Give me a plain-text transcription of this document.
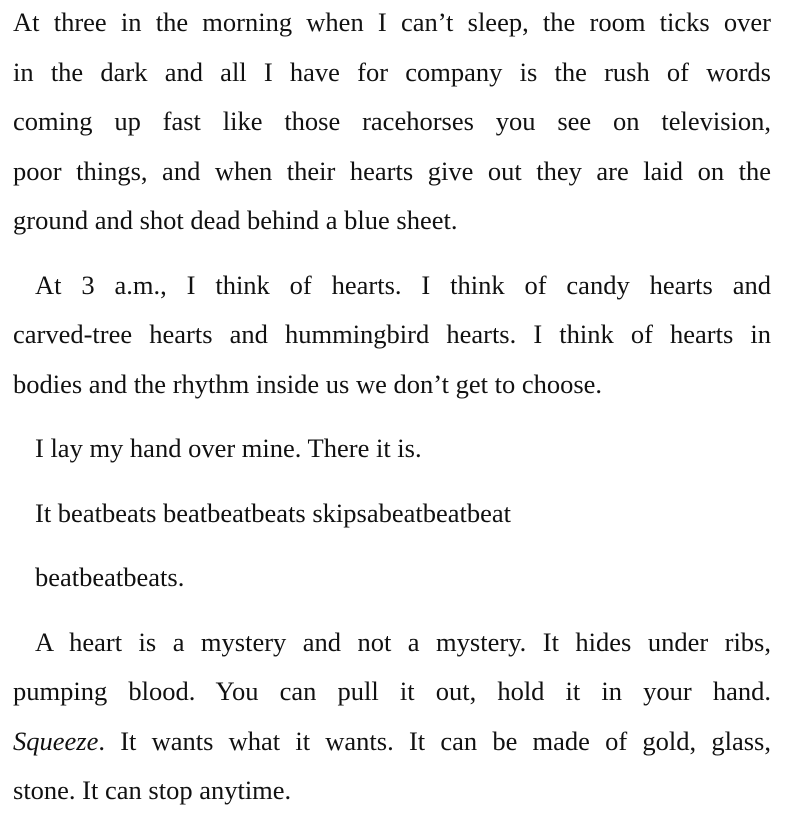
At three in the morning when I can’t sleep, the room ticks over
in the dark and all I have for company is the rush of words
coming up fast like those racehorses you see on television,
poor things, and when their hearts give out they are laid on the
ground and shot dead behind a blue sheet.

At 3 a.m., I think of hearts. I think of candy hearts and
carved-tree hearts and hummingbird hearts. I think of hearts in
bodies and the rhythm inside us we don’t get to choose.

I lay my hand over mine. There it is.

It beatbeats beatbeatbeats skipsabeatbeatbeat

beatbeatbeats.

A heart is a mystery and not a mystery. It hides under ribs,
pumping blood. You can pull it out, hold it in your hand.
Squeeze. It wants what it wants. It can be made of gold, glass,
stone. It can stop anytime.
